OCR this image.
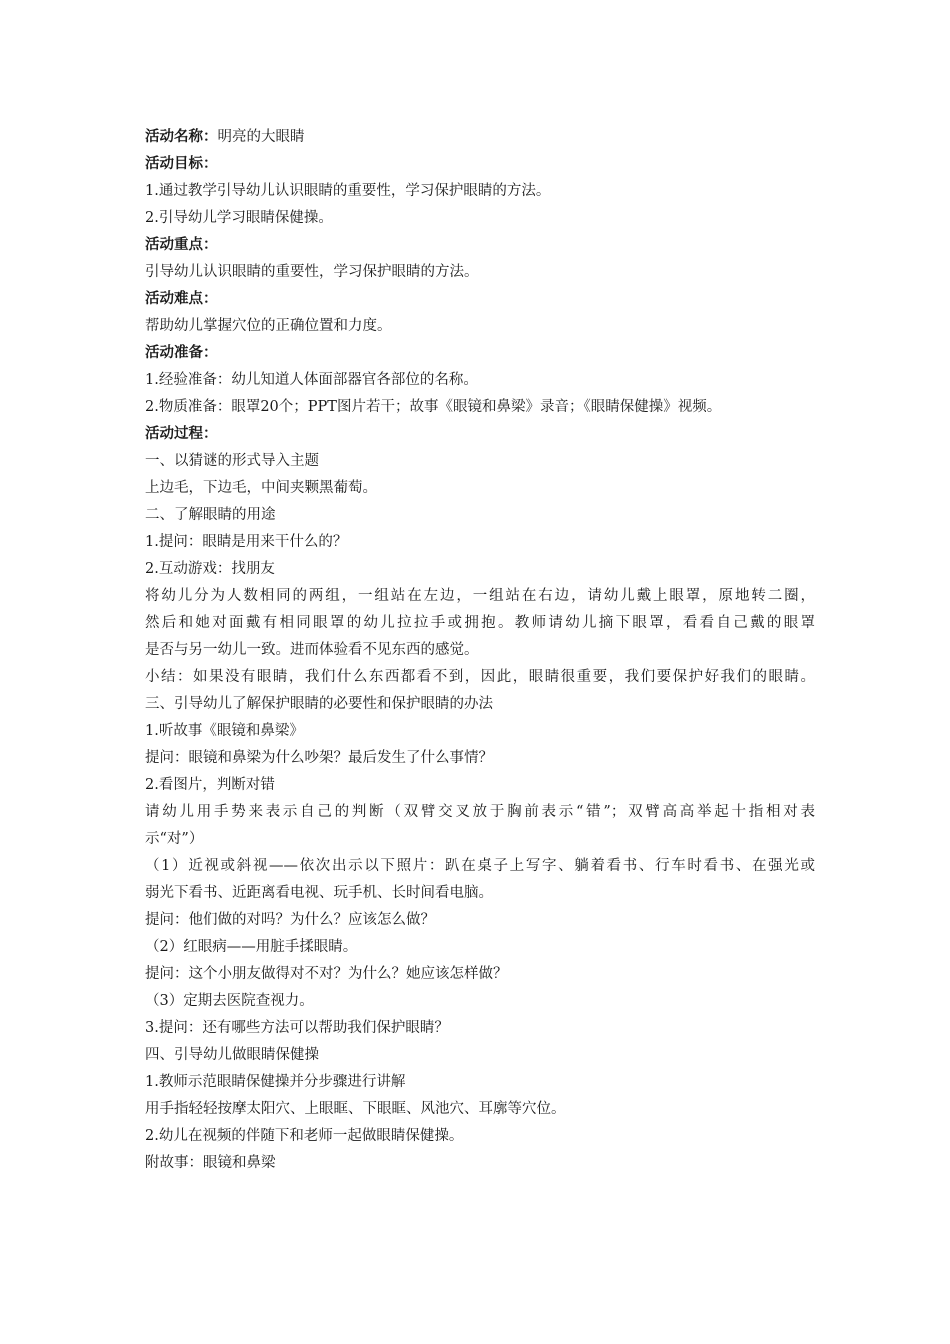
活动名称：明亮的大眼睛
活动目标：
1.通过教学引导幼儿认识眼睛的重要性，学习保护眼睛的方法。
2.引导幼儿学习眼睛保健操。
活动重点：
引导幼儿认识眼睛的重要性，学习保护眼睛的方法。
活动难点：
帮助幼儿掌握穴位的正确位置和力度。
活动准备：
1.经验准备：幼儿知道人体面部器官各部位的名称。
2.物质准备：眼罩20个；PPT图片若干；故事《眼镜和鼻梁》录音；《眼睛保健操》视频。
活动过程：
一、以猜谜的形式导入主题
上边毛，下边毛，中间夹颗黑葡萄。
二、了解眼睛的用途
1.提问：眼睛是用来干什么的？
2.互动游戏：找朋友
将幼儿分为人数相同的两组，一组站在左边，一组站在右边，请幼儿戴上眼罩，原地转二圈，
然后和她对面戴有相同眼罩的幼儿拉拉手或拥抱。教师请幼儿摘下眼罩，看看自己戴的眼罩
是否与另一幼儿一致。进而体验看不见东西的感觉。
小结：如果没有眼睛，我们什么东西都看不到，因此，眼睛很重要，我们要保护好我们的眼睛。
三、引导幼儿了解保护眼睛的必要性和保护眼睛的办法
1.听故事《眼镜和鼻梁》
提问：眼镜和鼻梁为什么吵架？最后发生了什么事情？
2.看图片，判断对错
请幼儿用手势来表示自己的判断（双臂交叉放于胸前表示“错”；双臂高高举起十指相对表
示“对”）
（1）近视或斜视——依次出示以下照片：趴在桌子上写字、躺着看书、行车时看书、在强光或
弱光下看书、近距离看电视、玩手机、长时间看电脑。
提问：他们做的对吗？为什么？应该怎么做？
（2）红眼病——用脏手揉眼睛。
提问：这个小朋友做得对不对？为什么？她应该怎样做？
（3）定期去医院查视力。
3.提问：还有哪些方法可以帮助我们保护眼睛？
四、引导幼儿做眼睛保健操
1.教师示范眼睛保健操并分步骤进行讲解
用手指轻轻按摩太阳穴、上眼眶、下眼眶、风池穴、耳廓等穴位。
2.幼儿在视频的伴随下和老师一起做眼睛保健操。
附故事：眼镜和鼻梁
